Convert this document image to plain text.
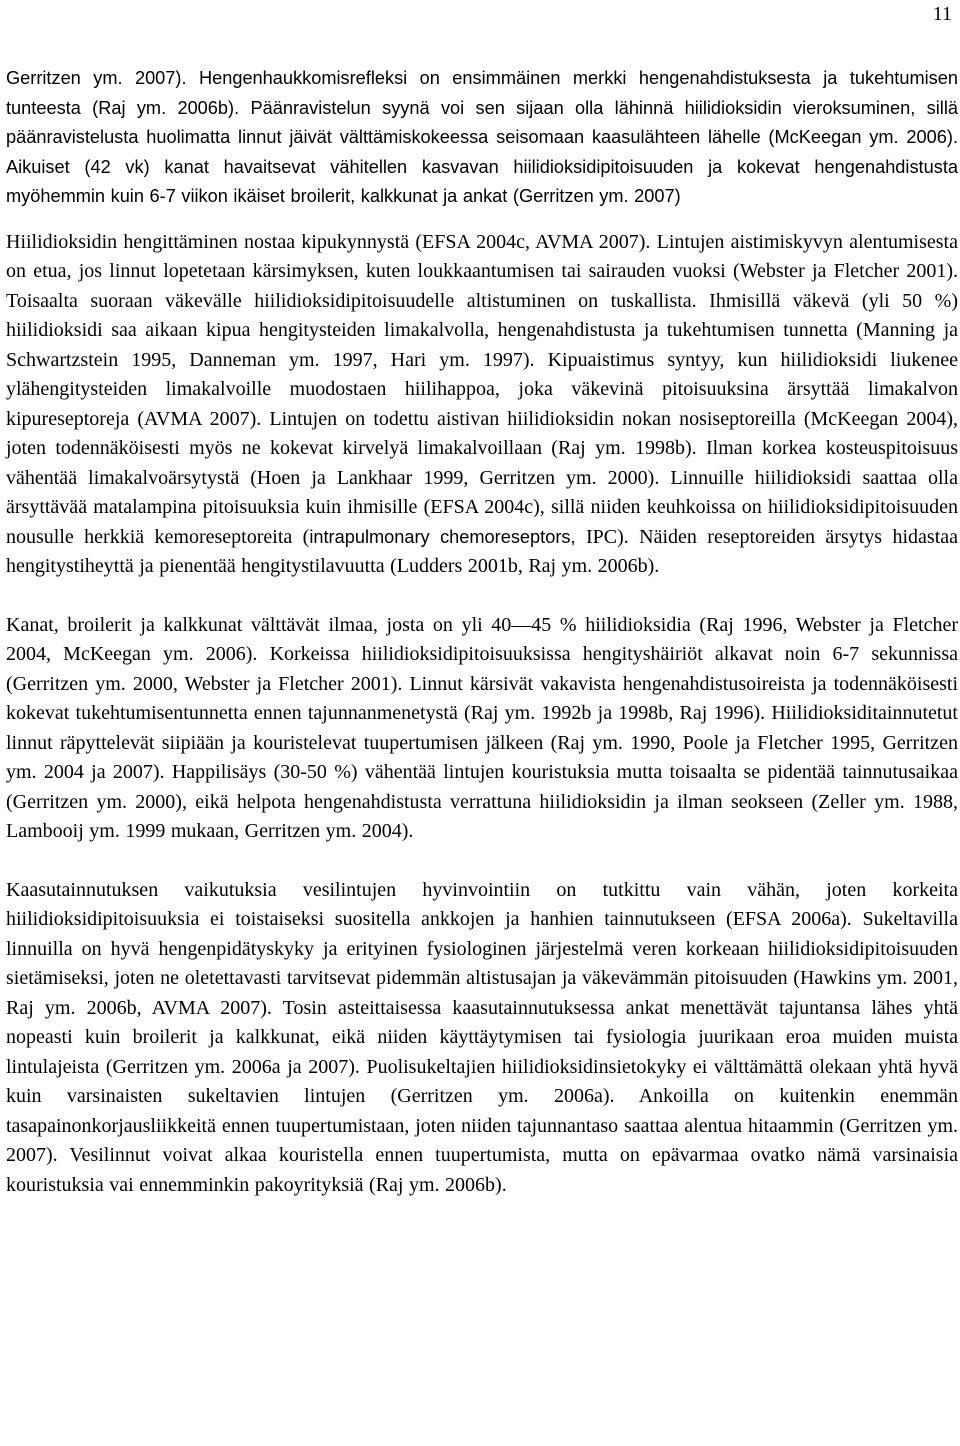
11

Gerritzen ym. 2007). Hengenhaukkomisrefleksi on ensimmäinen merkki hengenahdistuksesta ja tukehtumisen tunteesta (Raj ym. 2006b). Päänravistelun syynä voi sen sijaan olla lähinnä hiilidioksidin vieroksuminen, sillä päänravistelusta huolimatta linnut jäivät välttämiskokeessa seisomaan kaasulähteen lähelle (McKeegan ym. 2006). Aikuiset (42 vk) kanat havaitsevat vähitellen kasvavan hiilidioksidipitoisuuden ja kokevat hengenahdistusta myöhemmin kuin 6-7 viikon ikäiset broilerit, kalkkunat ja ankat (Gerritzen ym. 2007)

Hiilidioksidin hengittäminen nostaa kipukynnystä (EFSA 2004c, AVMA 2007). Lintujen aistimiskyvyn alentumisesta on etua, jos linnut lopetetaan kärsimyksen, kuten loukkaantumisen tai sairauden vuoksi (Webster ja Fletcher 2001). Toisaalta suoraan väkevälle hiilidioksidipitoisuudelle altistuminen on tuskallista. Ihmisillä väkevä (yli 50 %) hiilidioksidi saa aikaan kipua hengitysteiden limakalvolla, hengenahdistusta ja tukehtumisen tunnetta (Manning ja Schwartzstein 1995, Danneman ym. 1997, Hari ym. 1997). Kipuaistimus syntyy, kun hiilidioksidi liukenee ylähengitysteiden limakalvoille muodostaen hiilihappoa, joka väkevinä pitoisuuksina ärsyttää limakalvon kipureseptoreja (AVMA 2007). Lintujen on todettu aistivan hiilidioksidin nokan nosiseptoreilla (McKeegan 2004), joten todennäköisesti myös ne kokevat kirvelyä limakalvoillaan (Raj ym. 1998b). Ilman korkea kosteuspitoisuus vähentää limakalvoärsytystä (Hoen ja Lankhaar 1999, Gerritzen ym. 2000). Linnuille hiilidioksidi saattaa olla ärsyttävää matalampina pitoisuuksia kuin ihmisille (EFSA 2004c), sillä niiden keuhkoissa on hiilidioksidipitoisuuden nousulle herkkiä kemoreseptoreita (intrapulmonary chemoreseptors, IPC). Näiden reseptoreiden ärsytys hidastaa hengitystiheyttä ja pienentää hengitystilavuutta (Ludders 2001b, Raj ym. 2006b).

Kanat, broilerit ja kalkkunat välttävät ilmaa, josta on yli 40—45 % hiilidioksidia (Raj 1996, Webster ja Fletcher 2004, McKeegan ym. 2006). Korkeissa hiilidioksidipitoisuuksissa hengityshäiriöt alkavat noin 6-7 sekunnissa (Gerritzen ym. 2000, Webster ja Fletcher 2001). Linnut kärsivät vakavista hengenahdistusoireista ja todennäköisesti kokevat tukehtumisentunnetta ennen tajunnanmenetystä (Raj ym. 1992b ja 1998b, Raj 1996). Hiilidioksiditainnutetut linnut räpyttelevät siipiään ja kouristelevat tuupertumisen jälkeen (Raj ym. 1990, Poole ja Fletcher 1995, Gerritzen ym. 2004 ja 2007). Happilisäys (30-50 %) vähentää lintujen kouristuksia mutta toisaalta se pidentää tainnutusaikaa (Gerritzen ym. 2000), eikä helpota hengenahdistusta verrattuna hiilidioksidin ja ilman seokseen (Zeller ym. 1988, Lambooij ym. 1999 mukaan, Gerritzen ym. 2004).

Kaasutainnutuksen vaikutuksia vesilintujen hyvinvointiin on tutkittu vain vähän, joten korkeita hiilidioksidipitoisuuksia ei toistaiseksi suositella ankkojen ja hanhien tainnutukseen (EFSA 2006a). Sukeltavilla linnuilla on hyvä hengenpidätyskyky ja erityinen fysiologinen järjestelmä veren korkeaan hiilidioksidipitoisuuden sietämiseksi, joten ne oletettavasti tarvitsevat pidemmän altistusajan ja väkevämmän pitoisuuden (Hawkins ym. 2001, Raj ym. 2006b, AVMA 2007). Tosin asteittaisessa kaasutainnutuksessa ankat menettävät tajuntansa lähes yhtä nopeasti kuin broilerit ja kalkkunat, eikä niiden käyttäytymisen tai fysiologia juurikaan eroa muiden muista lintulajeista (Gerritzen ym. 2006a ja 2007). Puolisukeltajien hiilidioksidinsietokyky ei välttämättä olekaan yhtä hyvä kuin varsinaisten sukeltavien lintujen (Gerritzen ym. 2006a). Ankoilla on kuitenkin enemmän tasapainonkorjausliikkeitä ennen tuupertumistaan, joten niiden tajunnantaso saattaa alentua hitaammin (Gerritzen ym. 2007). Vesilinnut voivat alkaa kouristella ennen tuupertumista, mutta on epävarmaa ovatko nämä varsinaisia kouristuksia vai ennemminkin pakoyrityksiä (Raj ym. 2006b).
